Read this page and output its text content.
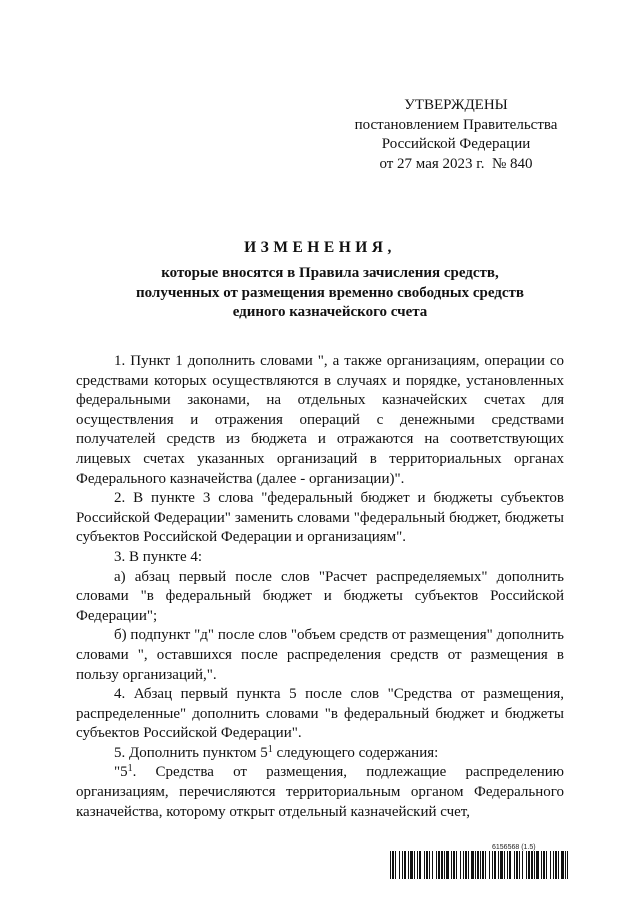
УТВЕРЖДЕНЫ
постановлением Правительства
Российской Федерации
от 27 мая 2023 г.  № 840
ИЗМЕНЕНИЯ,
которые вносятся в Правила зачисления средств,
полученных от размещения временно свободных средств
единого казначейского счета

1. Пункт 1 дополнить словами ", а также организациям, операции со средствами которых осуществляются в случаях и порядке, установленных федеральными законами, на отдельных казначейских счетах для осуществления и отражения операций с денежными средствами получателей средств из бюджета и отражаются на соответствующих лицевых счетах указанных организаций в территориальных органах Федерального казначейства (далее - организации)".

2. В пункте 3 слова "федеральный бюджет и бюджеты субъектов Российской Федерации" заменить словами "федеральный бюджет, бюджеты субъектов Российской Федерации и организациям".

3. В пункте 4:

а) абзац первый после слов "Расчет распределяемых" дополнить словами "в федеральный бюджет и бюджеты субъектов Российской Федерации";

б) подпункт "д" после слов "объем средств от размещения" дополнить словами ", оставшихся после распределения средств от размещения в пользу организаций,".

4. Абзац первый пункта 5 после слов "Средства от размещения, распределенные" дополнить словами "в федеральный бюджет и бюджеты субъектов Российской Федерации".

5. Дополнить пунктом $5^1$ следующего содержания:

"$5^1$. Средства от размещения, подлежащие распределению организациям, перечисляются территориальным органом Федерального казначейства, которому открыт отдельный казначейский счет,

6156568 (1.5)
